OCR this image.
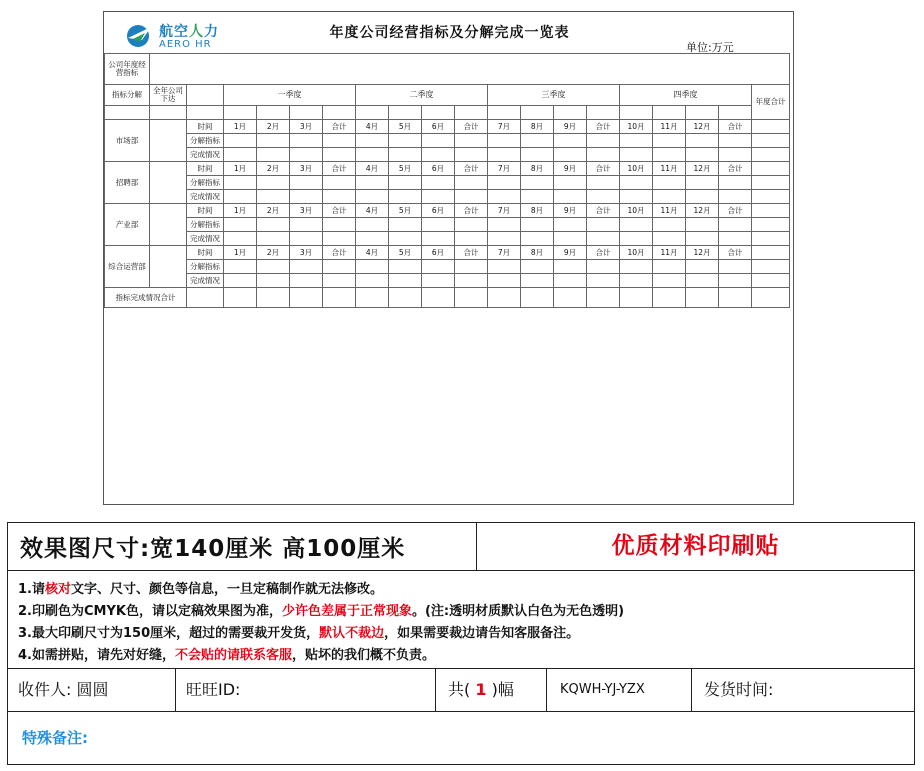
航空人力
AERO HR
年度公司经营指标及分解完成一览表
单位:万元
公司年度经营指标																			
指标分解	全年公司下达		一季度				二季度				三季度				四季度				年度合计

市场部		时间	1月	2月	3月	合计	4月	5月	6月	合计	7月	8月	9月	合计	10月	11月	12月	合计	
		分解指标																	
		完成情况																	
招聘部		时间	1月	2月	3月	合计	4月	5月	6月	合计	7月	8月	9月	合计	10月	11月	12月	合计	
		分解指标																	
		完成情况																	
产业部		时间	1月	2月	3月	合计	4月	5月	6月	合计	7月	8月	9月	合计	10月	11月	12月	合计	
		分解指标																	
		完成情况																	
综合运营部		时间	1月	2月	3月	合计	4月	5月	6月	合计	7月	8月	9月	合计	10月	11月	12月	合计	
		分解指标																	
		完成情况																	
指标完成情况合计																			
效果图尺寸:宽140厘米 高100厘米	优质材料印刷贴
1.请核对文字、尺寸、颜色等信息，一旦定稿制作就无法修改。
2.印刷色为CMYK色，请以定稿效果图为准，少许色差属于正常现象。(注:透明材质默认白色为无色透明)
3.最大印刷尺寸为150厘米，超过的需要裁开发货，默认不裁边，如果需要裁边请告知客服备注。
4.如需拼贴，请先对好缝，不会贴的请联系客服，贴坏的我们概不负责。
收件人: 圆圆	旺旺ID:	共( 1 )幅	KQWH-YJ-YZX	发货时间:
特殊备注:
